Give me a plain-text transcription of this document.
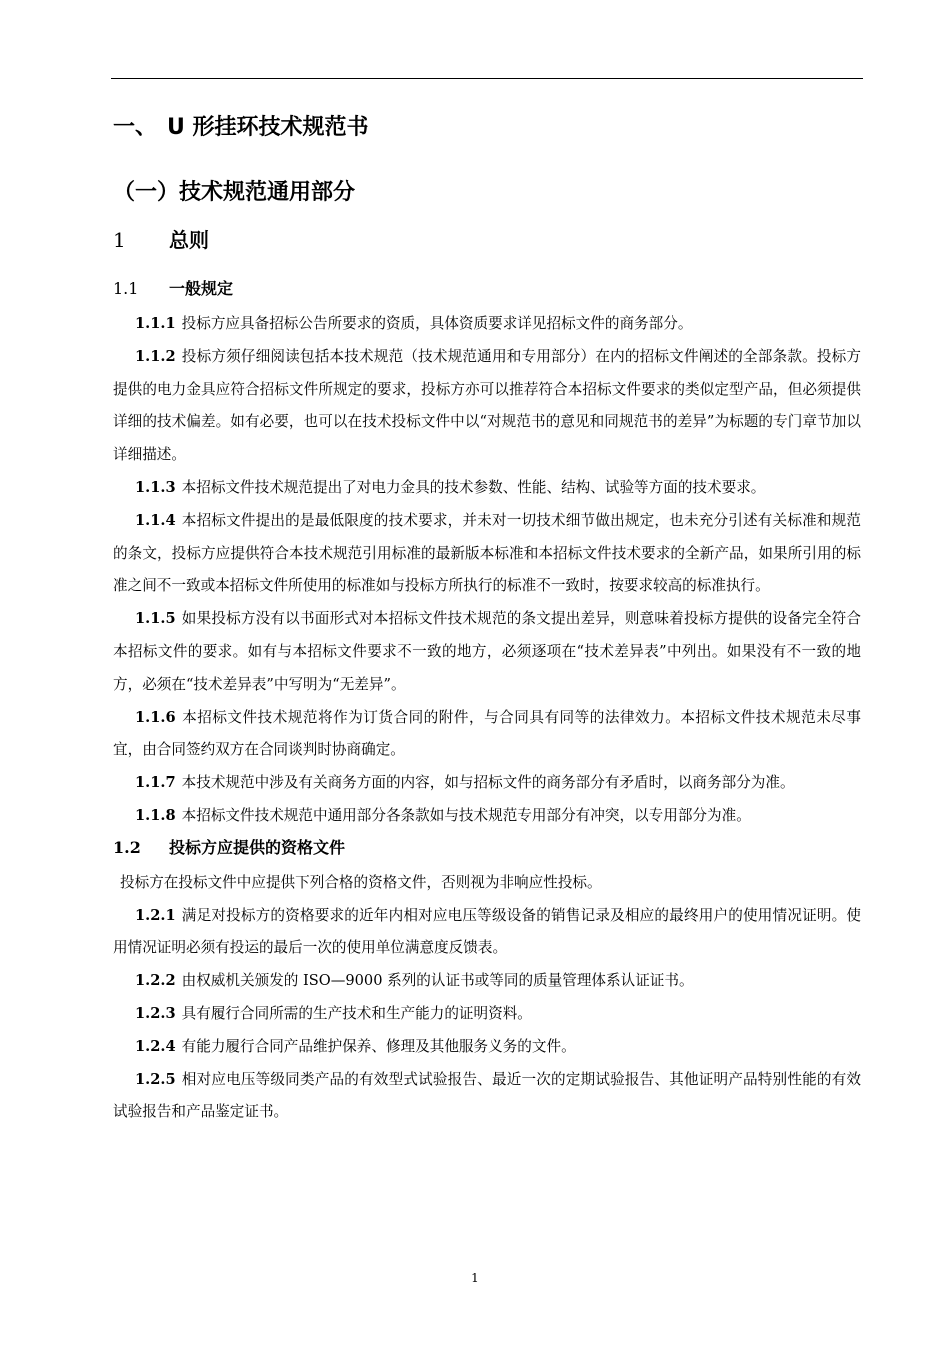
一、 U 形挂环技术规范书
（一）技术规范通用部分
1	总则
1.1	一般规定

1.1.1 投标方应具备招标公告所要求的资质，具体资质要求详见招标文件的商务部分。

1.1.2 投标方须仔细阅读包括本技术规范（技术规范通用和专用部分）在内的招标文件阐述的全部条款。投标方提供的电力金具应符合招标文件所规定的要求，投标方亦可以推荐符合本招标文件要求的类似定型产品，但必须提供详细的技术偏差。如有必要，也可以在技术投标文件中以“对规范书的意见和同规范书的差异”为标题的专门章节加以详细描述。

1.1.3 本招标文件技术规范提出了对电力金具的技术参数、性能、结构、试验等方面的技术要求。

1.1.4 本招标文件提出的是最低限度的技术要求，并未对一切技术细节做出规定，也未充分引述有关标准和规范的条文，投标方应提供符合本技术规范引用标准的最新版本标准和本招标文件技术要求的全新产品，如果所引用的标准之间不一致或本招标文件所使用的标准如与投标方所执行的标准不一致时，按要求较高的标准执行。

1.1.5 如果投标方没有以书面形式对本招标文件技术规范的条文提出差异，则意味着投标方提供的设备完全符合本招标文件的要求。如有与本招标文件要求不一致的地方，必须逐项在“技术差异表”中列出。如果没有不一致的地方，必须在“技术差异表”中写明为“无差异”。

1.1.6 本招标文件技术规范将作为订货合同的附件，与合同具有同等的法律效力。本招标文件技术规范未尽事宜，由合同签约双方在合同谈判时协商确定。

1.1.7 本技术规范中涉及有关商务方面的内容，如与招标文件的商务部分有矛盾时，以商务部分为准。

1.1.8 本招标文件技术规范中通用部分各条款如与技术规范专用部分有冲突，以专用部分为准。

1.2	投标方应提供的资格文件

投标方在投标文件中应提供下列合格的资格文件，否则视为非响应性投标。

1.2.1 满足对投标方的资格要求的近年内相对应电压等级设备的销售记录及相应的最终用户的使用情况证明。使用情况证明必须有投运的最后一次的使用单位满意度反馈表。

1.2.2 由权威机关颁发的 ISO—9000 系列的认证书或等同的质量管理体系认证证书。

1.2.3 具有履行合同所需的生产技术和生产能力的证明资料。

1.2.4 有能力履行合同产品维护保养、修理及其他服务义务的文件。

1.2.5 相对应电压等级同类产品的有效型式试验报告、最近一次的定期试验报告、其他证明产品特别性能的有效试验报告和产品鉴定证书。

1
